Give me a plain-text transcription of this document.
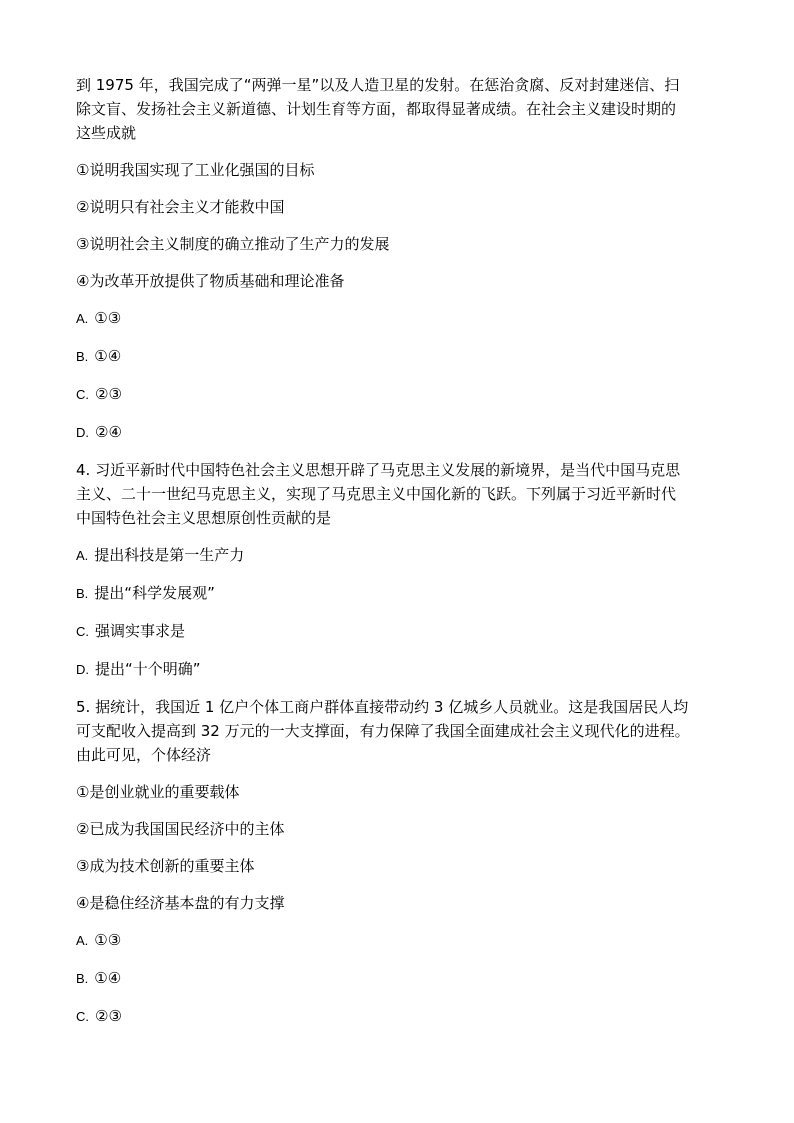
到 1975 年，我国完成了“两弹一星”以及人造卫星的发射。在惩治贪腐、反对封建迷信、扫

除文盲、发扬社会主义新道德、计划生育等方面，都取得显著成绩。在社会主义建设时期的

这些成就

①说明我国实现了工业化强国的目标

②说明只有社会主义才能救中国

③说明社会主义制度的确立推动了生产力的发展

④为改革开放提供了物质基础和理论准备

A. ①③

B. ①④

C. ②③

D. ②④

4. 习近平新时代中国特色社会主义思想开辟了马克思主义发展的新境界，是当代中国马克思

主义、二十一世纪马克思主义，实现了马克思主义中国化新的飞跃。下列属于习近平新时代

中国特色社会主义思想原创性贡献的是

A. 提出科技是第一生产力

B. 提出“科学发展观”

C. 强调实事求是

D. 提出“十个明确”

5. 据统计，我国近 1 亿户个体工商户群体直接带动约 3 亿城乡人员就业。这是我国居民人均

可支配收入提高到 32 万元的一大支撑面，有力保障了我国全面建成社会主义现代化的进程。

由此可见，个体经济

①是创业就业的重要载体

②已成为我国国民经济中的主体

③成为技术创新的重要主体

④是稳住经济基本盘的有力支撑

A. ①③

B. ①④

C. ②③
